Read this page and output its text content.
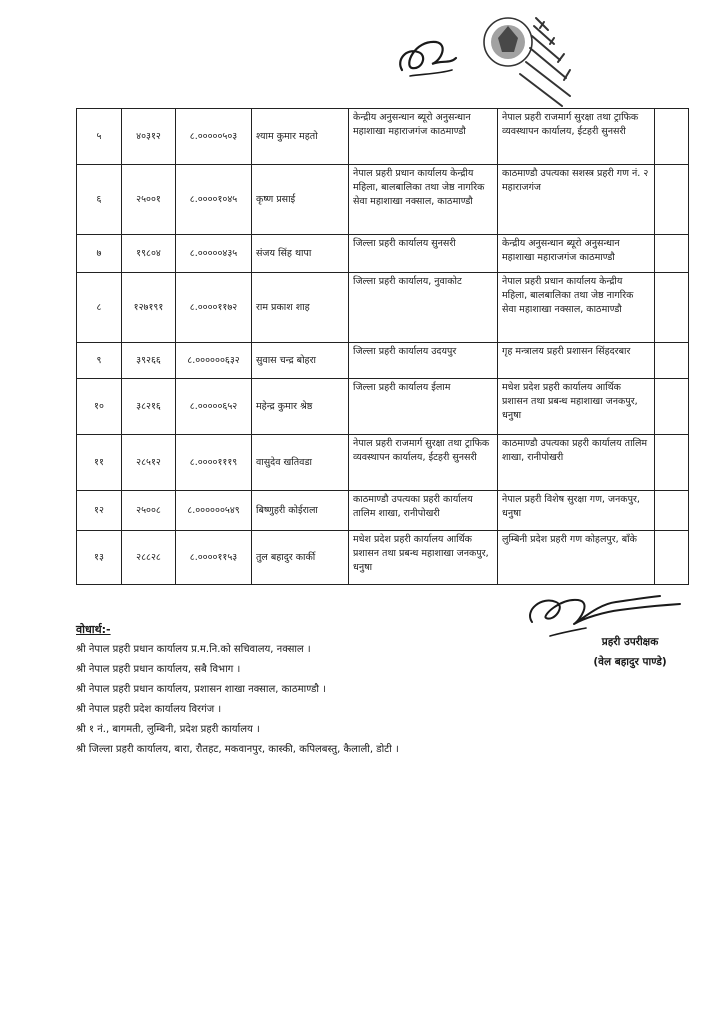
५	४०३१२	८.०००००५०३	श्याम कुमार महतो	केन्द्रीय अनुसन्धान ब्यूरो अनुसन्धान महाशाखा महाराजगंज काठमाण्डौ	नेपाल प्रहरी राजमार्ग सुरक्षा तथा ट्राफिक व्यवस्थापन कार्यालय, ईटहरी सुनसरी	
६	२५००१	८.००००१०४५	कृष्ण प्रसाई	नेपाल प्रहरी प्रधान कार्यालय केन्द्रीय महिला, बालबालिका तथा जेष्ठ नागरिक सेवा महाशाखा नक्साल, काठमाण्डौ	काठमाण्डौ उपत्यका सशस्त्र प्रहरी गण नं. २ महाराजगंज	
७	१९८०४	८.०००००४३५	संजय सिंह थापा	जिल्ला प्रहरी कार्यालय सुनसरी	केन्द्रीय अनुसन्धान ब्यूरो अनुसन्धान महाशाखा महाराजगंज काठमाण्डौ	
८	१२७१९१	८.००००११७२	राम प्रकाश शाह	जिल्ला प्रहरी कार्यालय, नुवाकोट	नेपाल प्रहरी प्रधान कार्यालय केन्द्रीय महिला, बालबालिका तथा जेष्ठ नागरिक सेवा महाशाखा नक्साल, काठमाण्डौ	
९	३९२६६	८.००००००६३२	सुवास चन्द्र बोहरा	जिल्ला प्रहरी कार्यालय उदयपुर	गृह मन्त्रालय प्रहरी प्रशासन सिंहदरबार	
१०	३८२१६	८.०००००६५२	महेन्द्र कुमार श्रेष्ठ	जिल्ला प्रहरी कार्यालय ईलाम	मधेश प्रदेश प्रहरी कार्यालय आर्थिक प्रशासन तथा प्रबन्ध महाशाखा जनकपुर, धनुषा	
११	२८५१२	८.००००१११९	वासुदेव खतिवडा	नेपाल प्रहरी राजमार्ग सुरक्षा तथा ट्राफिक व्यवस्थापन कार्यालय, ईटहरी सुनसरी	काठमाण्डौ उपत्यका प्रहरी कार्यालय तालिम शाखा, रानीपोखरी	
१२	२५००८	८.००००००५४९	बिष्णुहरी कोईराला	काठमाण्डौ उपत्यका प्रहरी कार्यालय तालिम शाखा, रानीपोखरी	नेपाल प्रहरी विशेष सुरक्षा गण, जनकपुर, धनुषा	
१३	२८८२८	८.००००११५३	तुल बहादुर कार्की	मधेश प्रदेश प्रहरी कार्यालय आर्थिक प्रशासन तथा प्रबन्ध महाशाखा जनकपुर, धनुषा	लुम्बिनी प्रदेश प्रहरी गण कोहलपुर, बाँके	
वोधार्थ:-
श्री नेपाल प्रहरी प्रधान कार्यालय प्र.म.नि.को सचिवालय, नक्साल ।
श्री नेपाल प्रहरी प्रधान कार्यालय, सबै विभाग ।
श्री नेपाल प्रहरी प्रधान कार्यालय, प्रशासन शाखा नक्साल, काठमाण्डौ ।
श्री नेपाल प्रहरी प्रदेश कार्यालय विरगंज ।
श्री १ नं., बागमती, लुम्बिनी, प्रदेश प्रहरी कार्यालय ।
श्री जिल्ला प्रहरी कार्यालय, बारा, रौतहट, मकवानपुर, कास्की, कपिलबस्तु, कैलाली, डोटी ।
प्रहरी उपरीक्षक
(वेल बहादुर पाण्डे)
